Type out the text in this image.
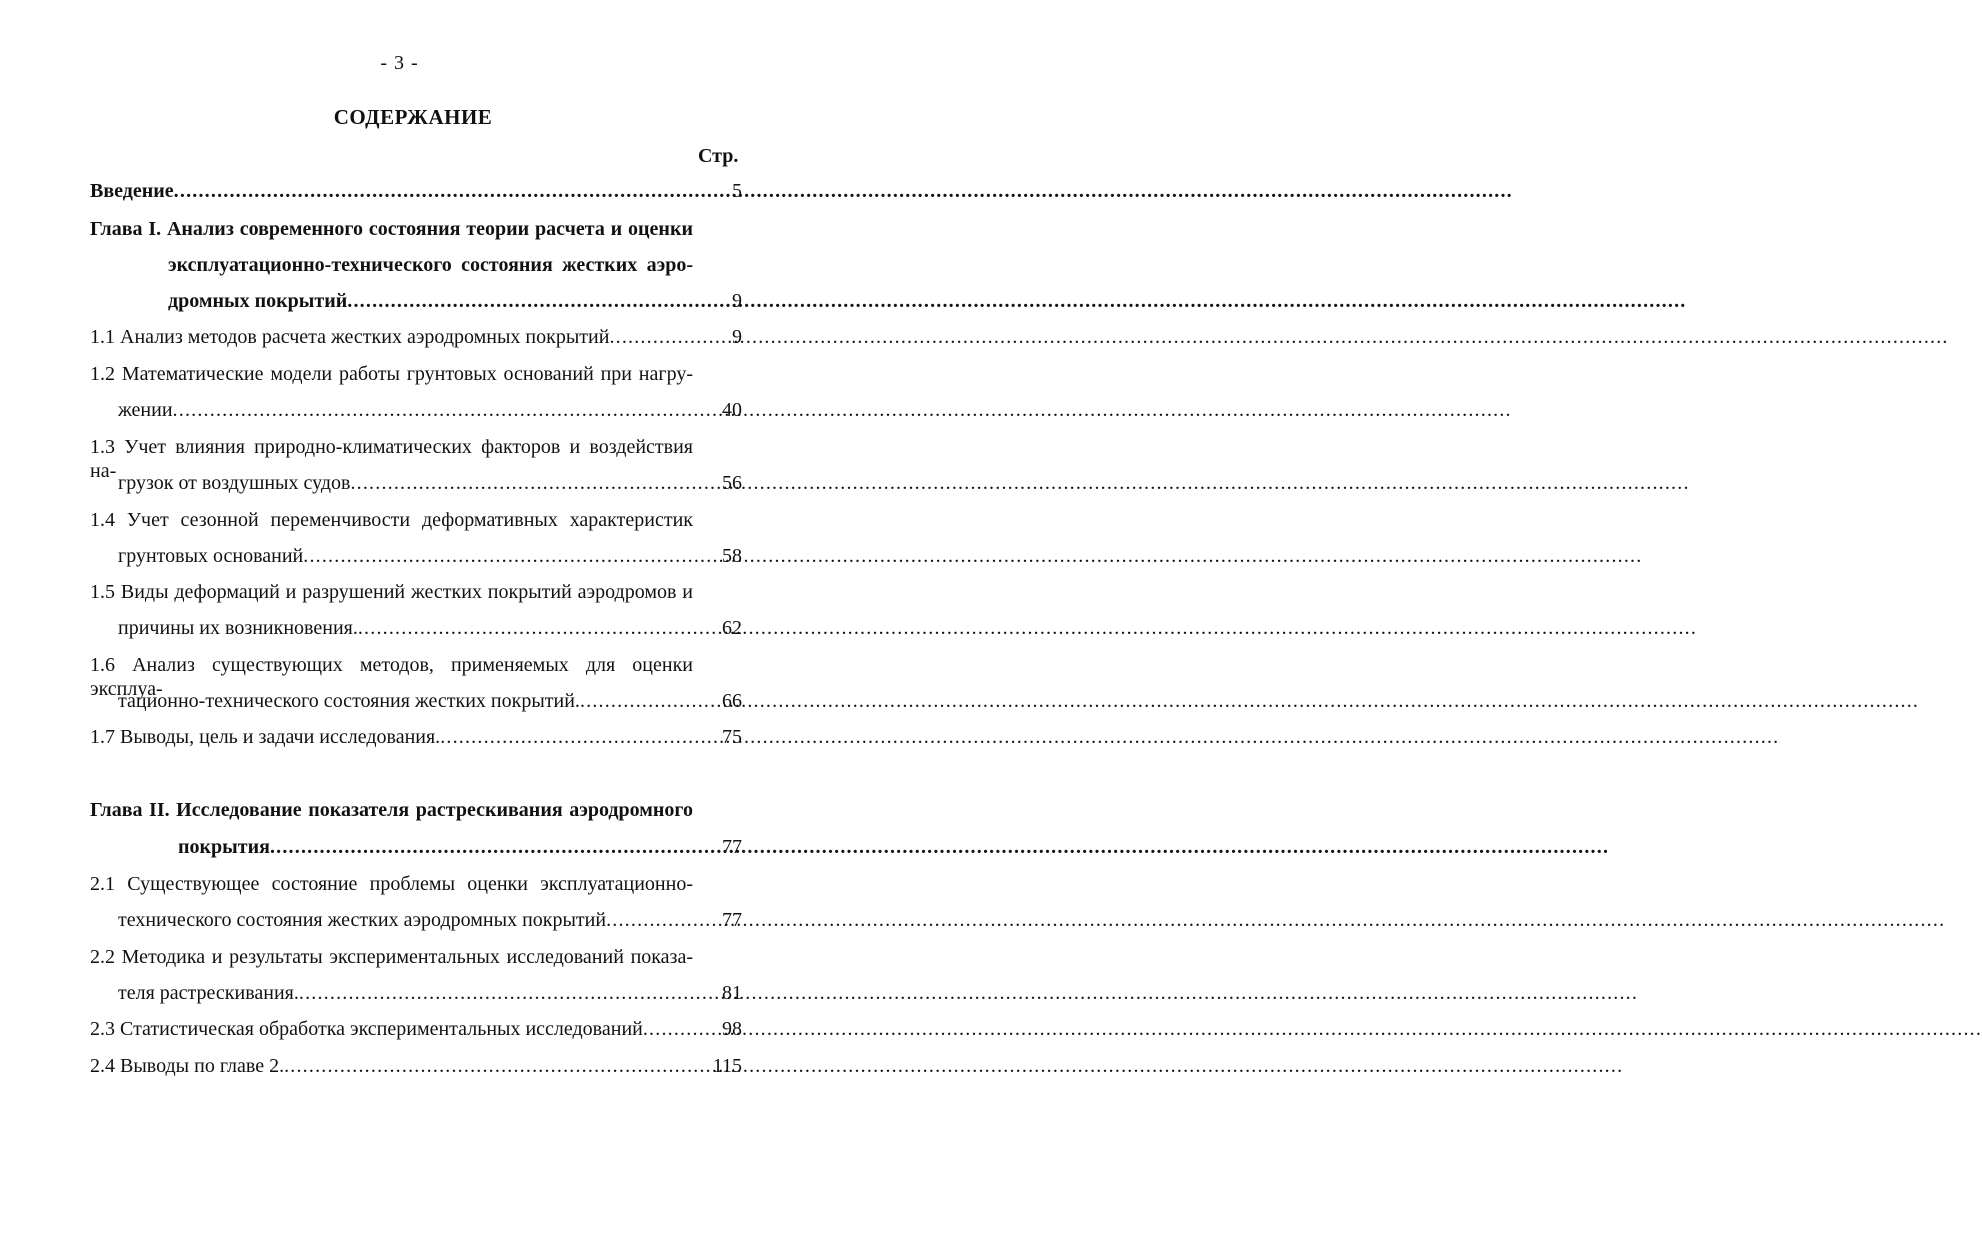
- 3 -
СОДЕРЖАНИЕ
Стр.
Введение .....	5
Глава I. Анализ современного состояния теории расчета и оценки
эксплуатационно-технического состояния жестких аэро-
дромных покрытий .....	9
1.1 Анализ методов расчета жестких аэродромных покрытий .....	9
1.2 Математические модели работы грунтовых оснований при нагру-
жении .....	40
1.3 Учет влияния природно-климатических факторов и воздействия на-
грузок от воздушных судов .....	56
1.4 Учет сезонной переменчивости деформативных характеристик
грунтовых оснований .....	58
1.5 Виды деформаций и разрушений жестких покрытий аэродромов и
причины их возникновения. .....	62
1.6 Анализ существующих методов, применяемых для оценки эксплуа-
тационно-технического состояния жестких покрытий. .....	66
1.7 Выводы, цель и задачи исследования. .....	75
Глава II. Исследование показателя растрескивания аэродромного
покрытия .....	77
2.1 Существующее состояние проблемы оценки эксплуатационно-
технического состояния жестких аэродромных покрытий .....	77
2.2 Методика и результаты экспериментальных исследований показа-
теля растрескивания. .....	81
2.3 Статистическая обработка экспериментальных исследований .....	98
2.4 Выводы по главе 2. .....	115
